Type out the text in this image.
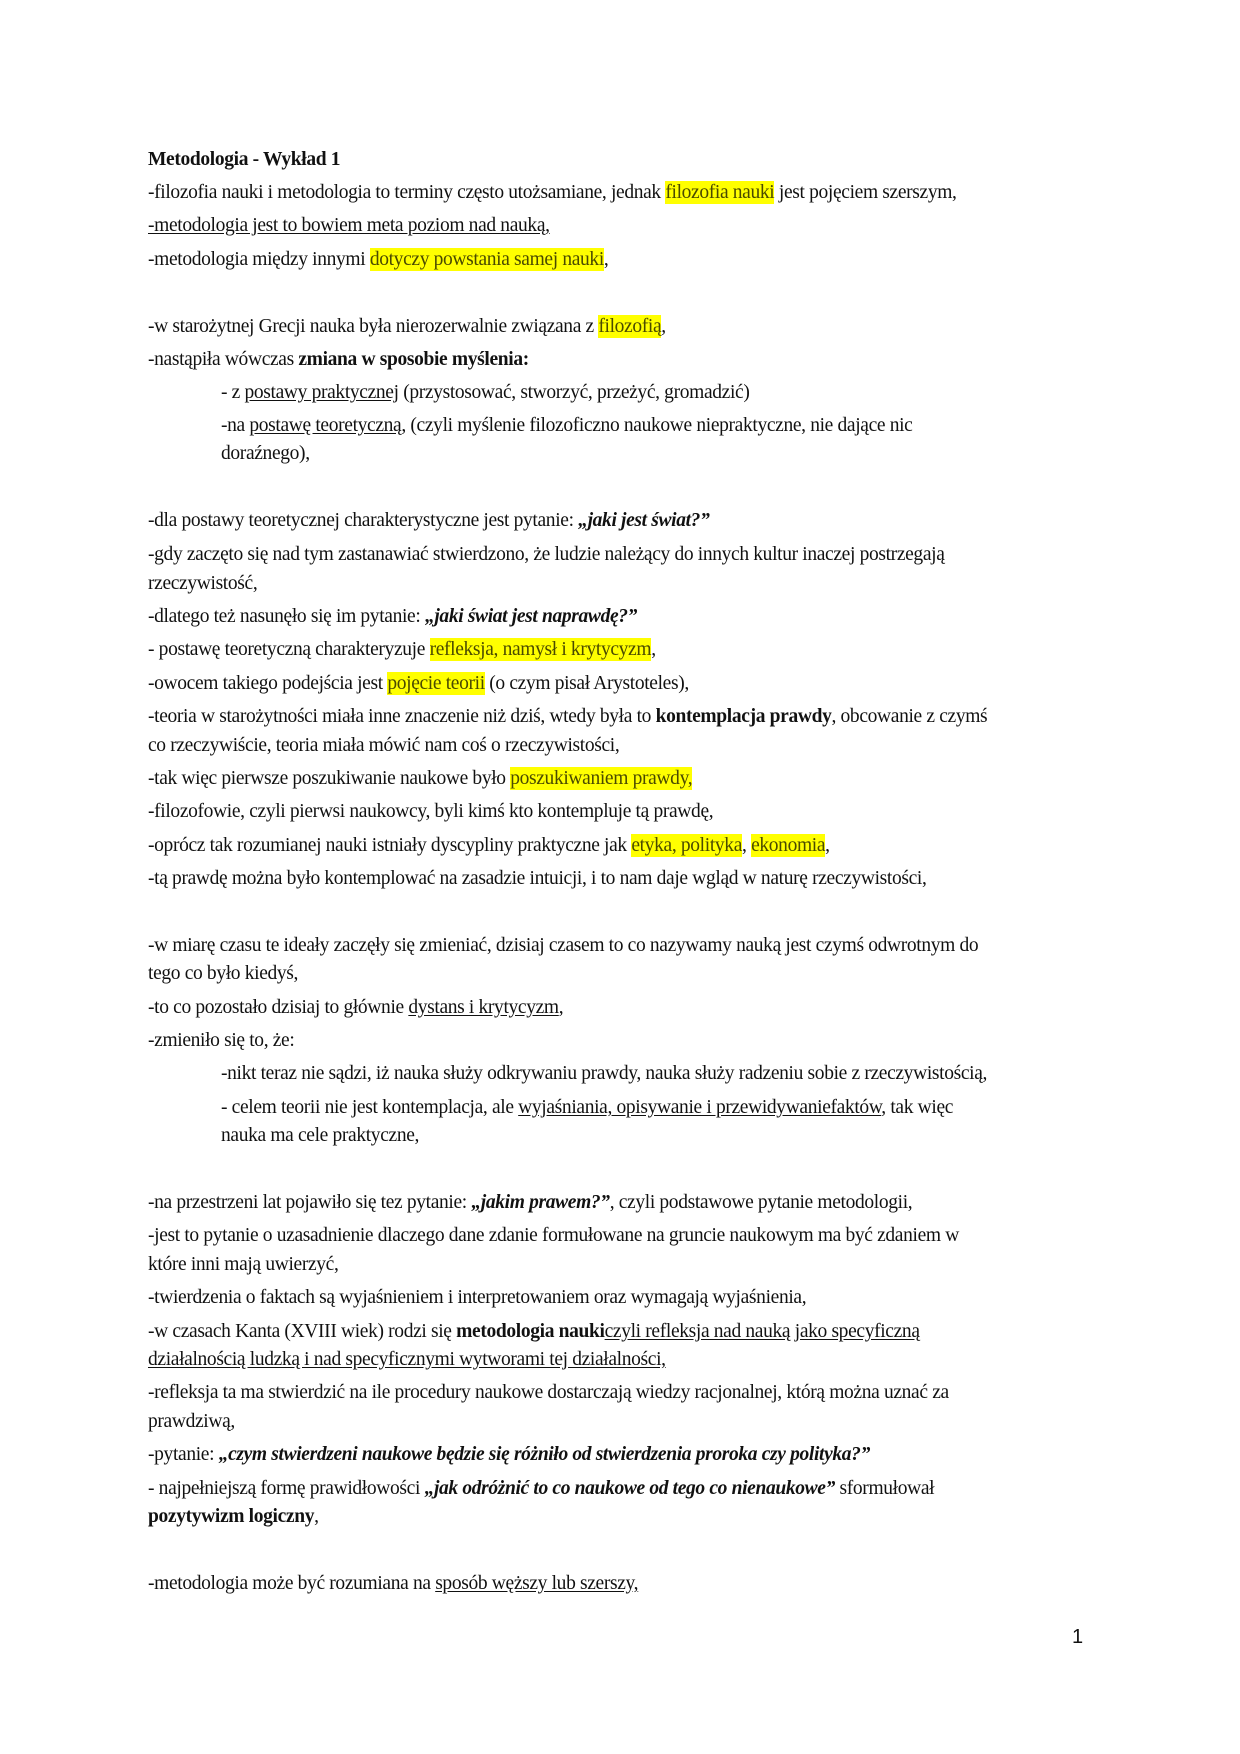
Metodologia - Wykład 1
-filozofia nauki i metodologia to terminy często utożsamiane, jednak filozofia nauki jest pojęciem szerszym,
-metodologia jest to bowiem meta poziom nad nauką,
-metodologia między innymi dotyczy powstania samej nauki,
-w starożytnej Grecji nauka była nierozerwalnie związana z filozofią,
-nastąpiła wówczas zmiana w sposobie myślenia:
- z postawy praktycznej (przystosować, stworzyć, przeżyć, gromadzić)
-na postawę teoretyczną, (czyli myślenie filozoficzno naukowe niepraktyczne, nie dające nic
doraźnego),
-dla postawy teoretycznej charakterystyczne jest pytanie: „jaki jest świat?”
-gdy zaczęto się nad tym zastanawiać stwierdzono, że ludzie należący do innych kultur inaczej postrzegają
rzeczywistość,
-dlatego też nasunęło się im pytanie: „jaki świat jest naprawdę?”
- postawę teoretyczną charakteryzuje refleksja, namysł i krytycyzm,
-owocem takiego podejścia jest pojęcie teorii (o czym pisał Arystoteles),
-teoria w starożytności miała inne znaczenie niż dziś, wtedy była to kontemplacja prawdy, obcowanie z czymś
co rzeczywiście, teoria miała mówić nam coś o rzeczywistości,
-tak więc pierwsze poszukiwanie naukowe było poszukiwaniem prawdy,
-filozofowie, czyli pierwsi naukowcy, byli kimś kto kontempluje tą prawdę,
-oprócz tak rozumianej nauki istniały dyscypliny praktyczne jak etyka, polityka, ekonomia,
-tą prawdę można było kontemplować na zasadzie intuicji, i to nam daje wgląd w naturę rzeczywistości,
-w miarę czasu te ideały zaczęły się zmieniać, dzisiaj czasem to co nazywamy nauką jest czymś odwrotnym do
tego co było kiedyś,
-to co pozostało dzisiaj to głównie dystans i krytycyzm,
-zmieniło się to, że:
-nikt teraz nie sądzi, iż nauka służy odkrywaniu prawdy, nauka służy radzeniu sobie z rzeczywistością,
- celem teorii nie jest kontemplacja, ale wyjaśniania, opisywanie i przewidywaniefaktów, tak więc
nauka ma cele praktyczne,
-na przestrzeni lat pojawiło się tez pytanie: „jakim prawem?”, czyli podstawowe pytanie metodologii,
-jest to pytanie o uzasadnienie dlaczego dane zdanie formułowane na gruncie naukowym ma być zdaniem w
które inni mają uwierzyć,
-twierdzenia o faktach są wyjaśnieniem i interpretowaniem oraz wymagają wyjaśnienia,
-w czasach Kanta (XVIII wiek) rodzi się metodologia naukiczyli refleksja nad nauką jako specyficzną
działalnością ludzką i nad specyficznymi wytworami tej działalności,
-refleksja ta ma stwierdzić na ile procedury naukowe dostarczają wiedzy racjonalnej, którą można uznać za
prawdziwą,
-pytanie: „czym stwierdzeni naukowe będzie się różniło od stwierdzenia proroka czy polityka?”
- najpełniejszą formę prawidłowości „jak odróżnić to co naukowe od tego co nienaukowe” sformułował
pozytywizm logiczny,
-metodologia może być rozumiana na sposób węższy lub szerszy,
1
